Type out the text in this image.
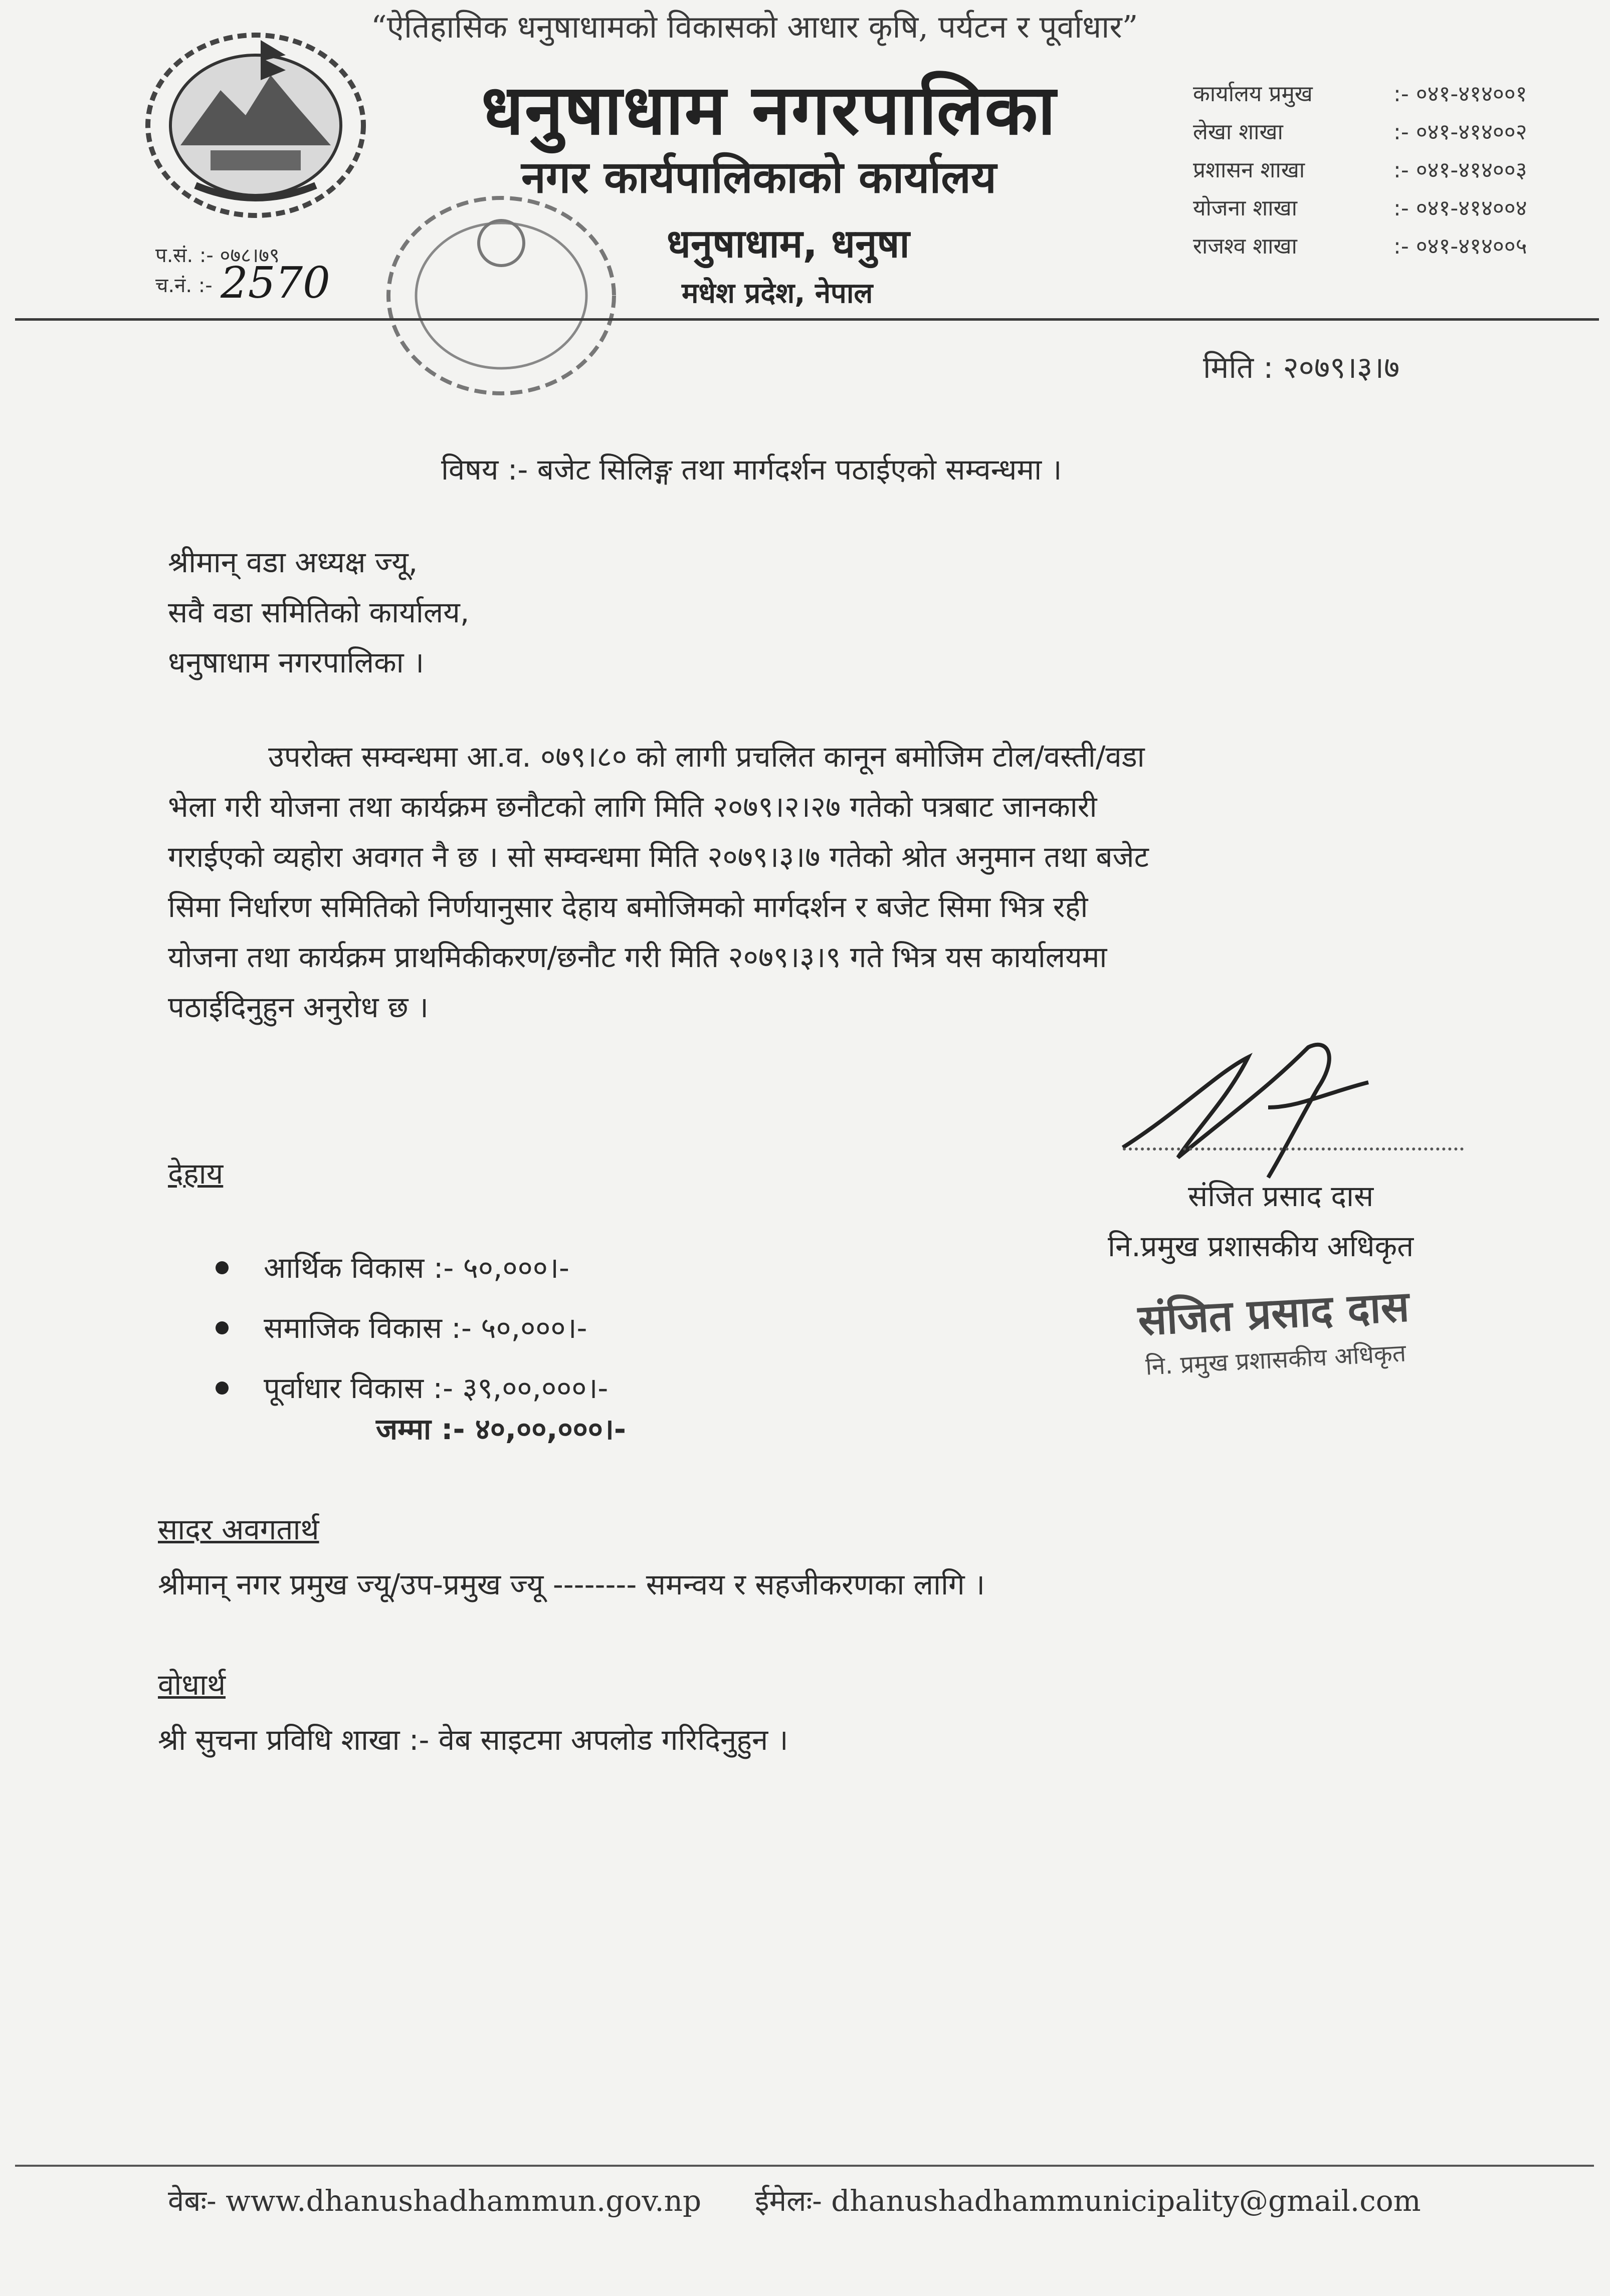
“ऐतिहासिक धनुषाधामको विकासको आधार कृषि, पर्यटन र पूर्वाधार”
धनुषाधाम नगरपालिका
नगर कार्यपालिकाको कार्यालय
धनुषाधाम, धनुषा
मधेश प्रदेश, नेपाल
प.सं. :- ०७८।७९
च.नं. :- 2570
कार्यालय प्रमुख	:- ०४१-४१४००१
लेखा शाखा	:- ०४१-४१४००२
प्रशासन शाखा	:- ०४१-४१४००३
योजना शाखा	:- ०४१-४१४००४
राजश्व शाखा	:- ०४१-४१४००५
मिति : २०७९।३।७
विषय :- बजेट सिलिङ्ग तथा मार्गदर्शन पठाईएको सम्वन्धमा ।
श्रीमान् वडा अध्यक्ष ज्यू,
सवै वडा समितिको कार्यालय,
धनुषाधाम नगरपालिका ।
उपरोक्त सम्वन्धमा आ.व. ०७९।८० को लागी प्रचलित कानून बमोजिम टोल/वस्ती/वडा
भेला गरी योजना तथा कार्यक्रम छनौटको लागि मिति २०७९।२।२७ गतेको पत्रबाट जानकारी
गराईएको व्यहोरा अवगत नै छ । सो सम्वन्धमा मिति २०७९।३।७ गतेको श्रोत अनुमान तथा बजेट
सिमा निर्धारण समितिको निर्णयानुसार देहाय बमोजिमको मार्गदर्शन र बजेट सिमा भित्र रही
योजना तथा कार्यक्रम प्राथमिकीकरण/छनौट गरी मिति २०७९।३।९ गते भित्र यस कार्यालयमा
पठाईदिनुहुन अनुरोध छ ।
देहाय
आर्थिक विकास :- ५०,०००।-
समाजिक विकास :- ५०,०००।-
पूर्वाधार विकास :- ३९,००,०००।-
जम्मा :- ४०,००,०००।-
संजित प्रसाद दास
नि.प्रमुख प्रशासकीय अधिकृत
संजित प्रसाद दास
नि. प्रमुख प्रशासकीय अधिकृत
सादर अवगतार्थ
श्रीमान् नगर प्रमुख ज्यू/उप-प्रमुख ज्यू -------- समन्वय र सहजीकरणका लागि ।
वोधार्थ
श्री सुचना प्रविधि शाखा :- वेब साइटमा अपलोड गरिदिनुहुन ।
वेबः- www.dhanushadhammun.gov.np ईमेलः- dhanushadhammunicipality@gmail.com
